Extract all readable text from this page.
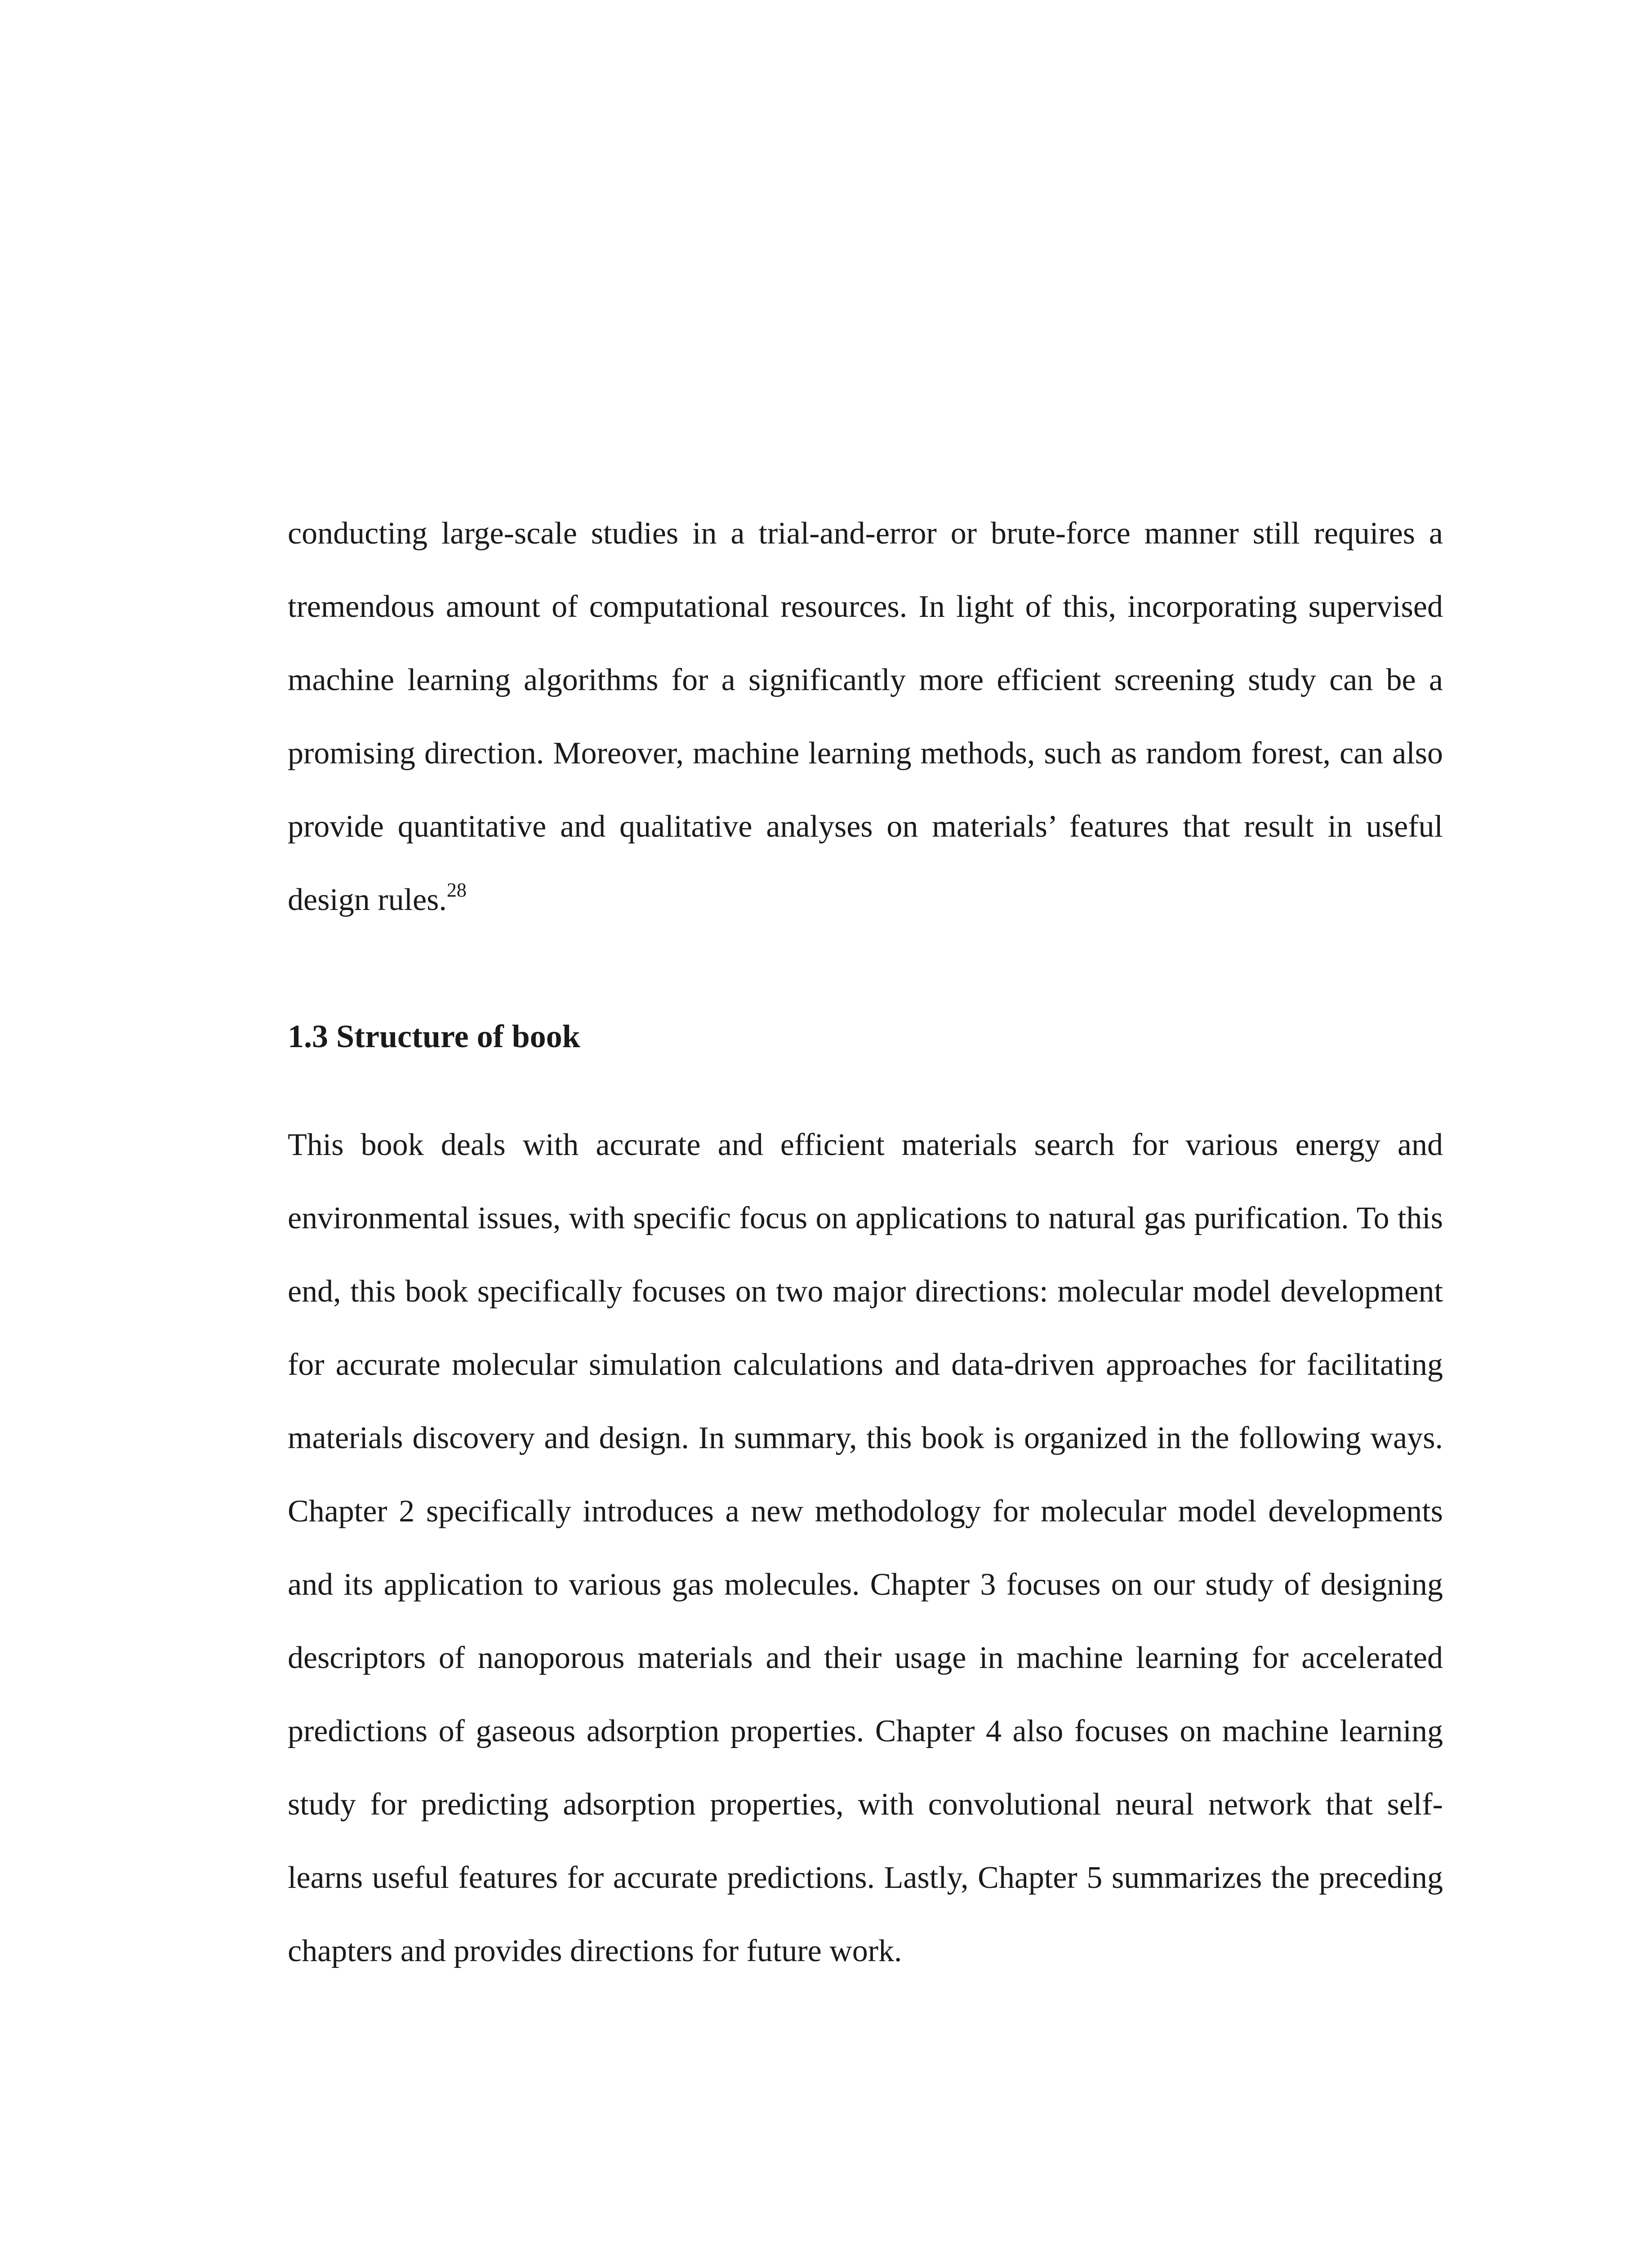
conducting large-scale studies in a trial-and-error or brute-force manner still requires a tremendous amount of computational resources. In light of this, incorporating supervised machine learning algorithms for a significantly more efficient screening study can be a promising direction. Moreover, machine learning methods, such as random forest, can also provide quantitative and qualitative analyses on materials’ features that result in useful design rules.$^{28}$

1.3 Structure of book

This book deals with accurate and efficient materials search for various energy and environmental issues, with specific focus on applications to natural gas purification. To this end, this book specifically focuses on two major directions: molecular model development for accurate molecular simulation calculations and data-driven approaches for facilitating materials discovery and design. In summary, this book is organized in the following ways. Chapter 2 specifically introduces a new methodology for molecular model developments and its application to various gas molecules. Chapter 3 focuses on our study of designing descriptors of nanoporous materials and their usage in machine learning for accelerated predictions of gaseous adsorption properties. Chapter 4 also focuses on machine learning study for predicting adsorption properties, with convolutional neural network that self-learns useful features for accurate predictions. Lastly, Chapter 5 summarizes the preceding chapters and provides directions for future work.
